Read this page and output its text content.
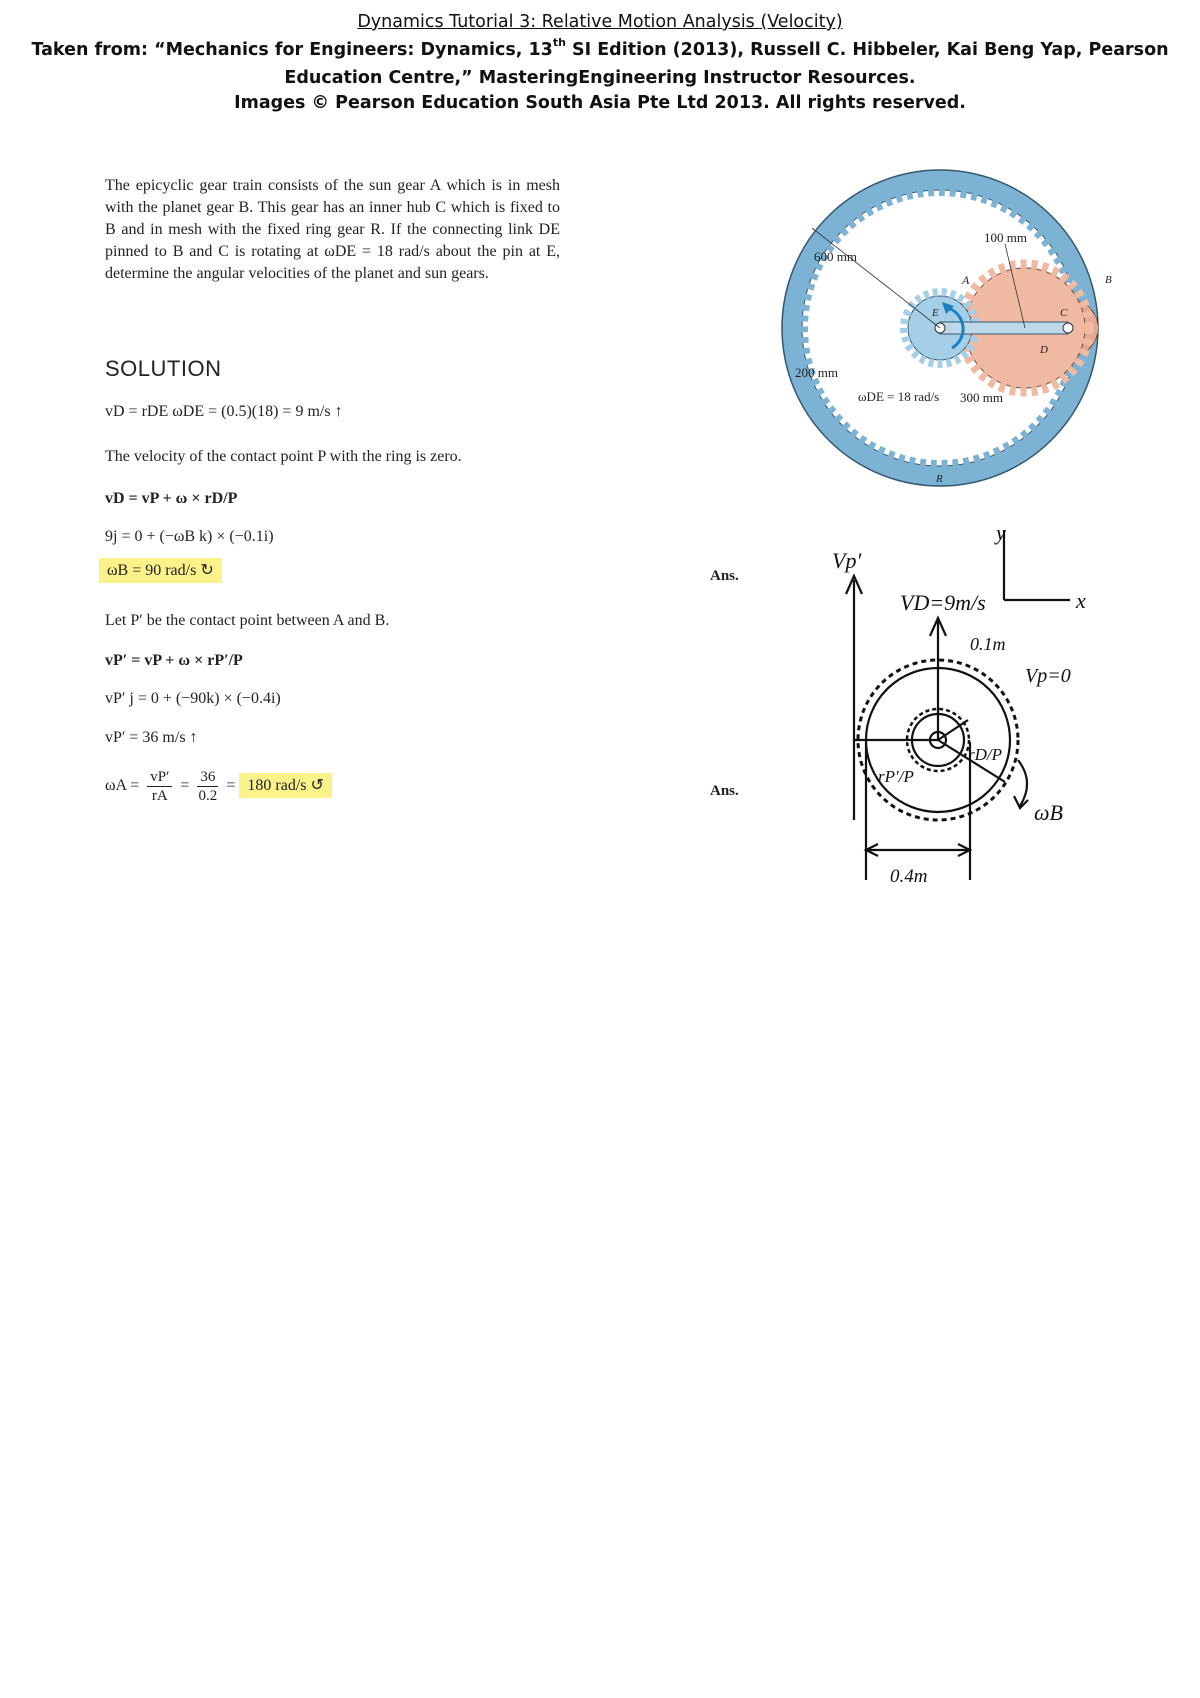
Dynamics Tutorial 3: Relative Motion Analysis (Velocity)
Taken from: “Mechanics for Engineers: Dynamics, 13th SI Edition (2013), Russell C. Hibbeler, Kai Beng Yap, Pearson
Education Centre,” MasteringEngineering Instructor Resources.
Images © Pearson Education South Asia Pte Ltd 2013. All rights reserved.
The epicyclic gear train consists of the sun gear A which is in mesh with the planet gear B. This gear has an inner hub C which is fixed to B and in mesh with the fixed ring gear R. If the connecting link DE pinned to B and C is rotating at ωDE = 18 rad/s about the pin at E, determine the angular velocities of the planet and sun gears.
SOLUTION
vD = rDE ωDE = (0.5)(18) = 9 m/s ↑
The velocity of the contact point P with the ring is zero.
vD = vP + ω × rD/P
9j = 0 + (−ωB k) × (−0.1i)
ωB = 90 rad/s ↻	Ans.
Let P′ be the contact point between A and B.
vP′ = vP + ω × rP′/P
vP′ j = 0 + (−90k) × (−0.4i)
vP′ = 36 m/s ↑
$\omega A = \frac{vP'}{rA} = \frac{36}{0.2} = 180$ rad/s ↺	Ans.
600 mm
100 mm
200 mm
300 mm
ωDE = 18 rad/s
A	B
C
D
E
R
Vp′
VD=9m/s
0.1m
Vp=0
rD/P
rP′/P
ωB
0.4m
y
x
